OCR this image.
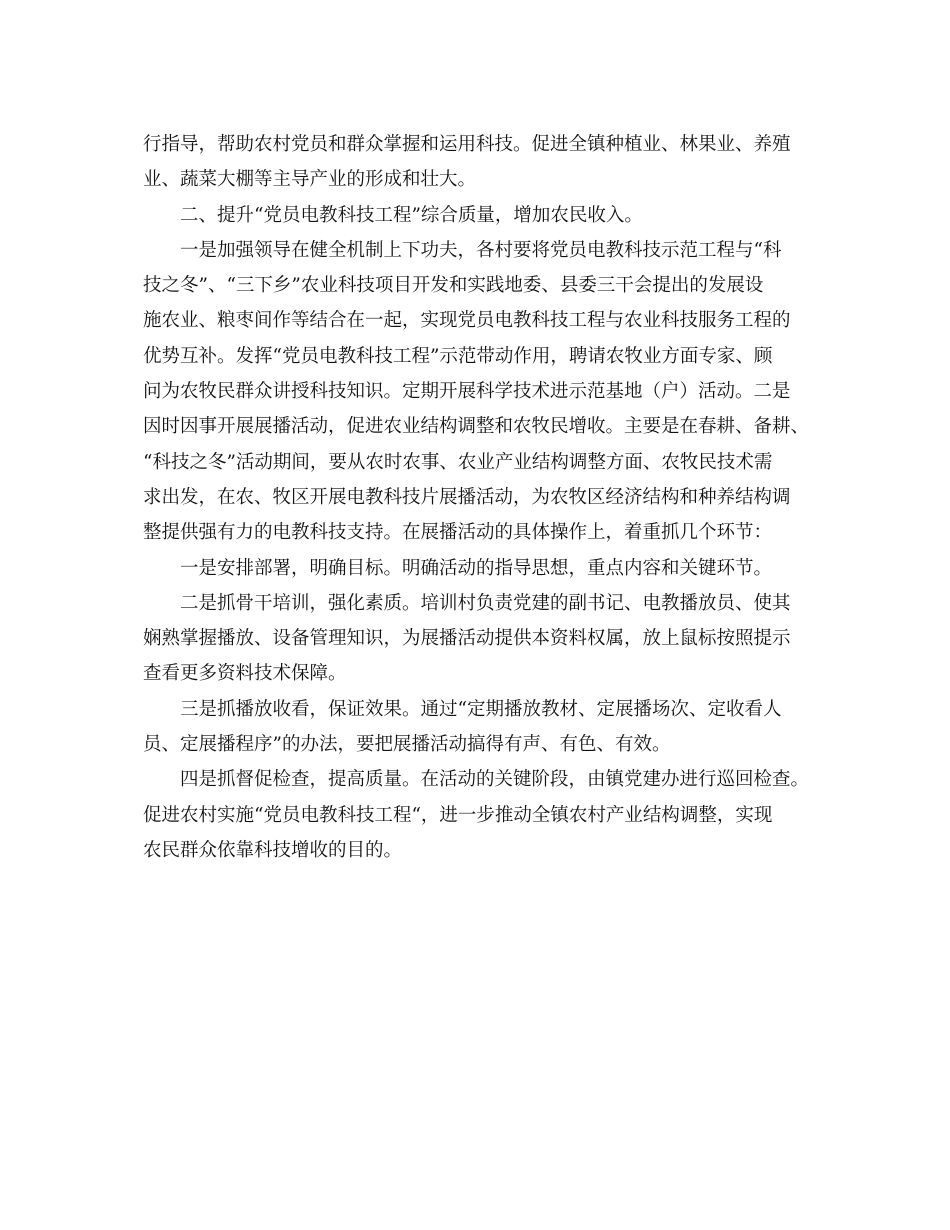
行指导，帮助农村党员和群众掌握和运用科技。促进全镇种植业、林果业、养殖
业、蔬菜大棚等主导产业的形成和壮大。

二、提升“党员电教科技工程”综合质量，增加农民收入。

一是加强领导在健全机制上下功夫，各村要将党员电教科技示范工程与“科
技之冬”、“三下乡”农业科技项目开发和实践地委、县委三干会提出的发展设
施农业、粮枣间作等结合在一起，实现党员电教科技工程与农业科技服务工程的
优势互补。发挥“党员电教科技工程”示范带动作用，聘请农牧业方面专家、顾
问为农牧民群众讲授科技知识。定期开展科学技术进示范基地（户）活动。二是
因时因事开展展播活动，促进农业结构调整和农牧民增收。主要是在春耕、备耕、
“科技之冬”活动期间，要从农时农事、农业产业结构调整方面、农牧民技术需
求出发，在农、牧区开展电教科技片展播活动，为农牧区经济结构和种养结构调
整提供强有力的电教科技支持。在展播活动的具体操作上，着重抓几个环节：

一是安排部署，明确目标。明确活动的指导思想，重点内容和关键环节。

二是抓骨干培训，强化素质。培训村负责党建的副书记、电教播放员、使其
娴熟掌握播放、设备管理知识，为展播活动提供本资料权属，放上鼠标按照提示
查看更多资料技术保障。

三是抓播放收看，保证效果。通过“定期播放教材、定展播场次、定收看人
员、定展播程序”的办法，要把展播活动搞得有声、有色、有效。

四是抓督促检查，提高质量。在活动的关键阶段，由镇党建办进行巡回检查。
促进农村实施“党员电教科技工程“，进一步推动全镇农村产业结构调整，实现
农民群众依靠科技增收的目的。
